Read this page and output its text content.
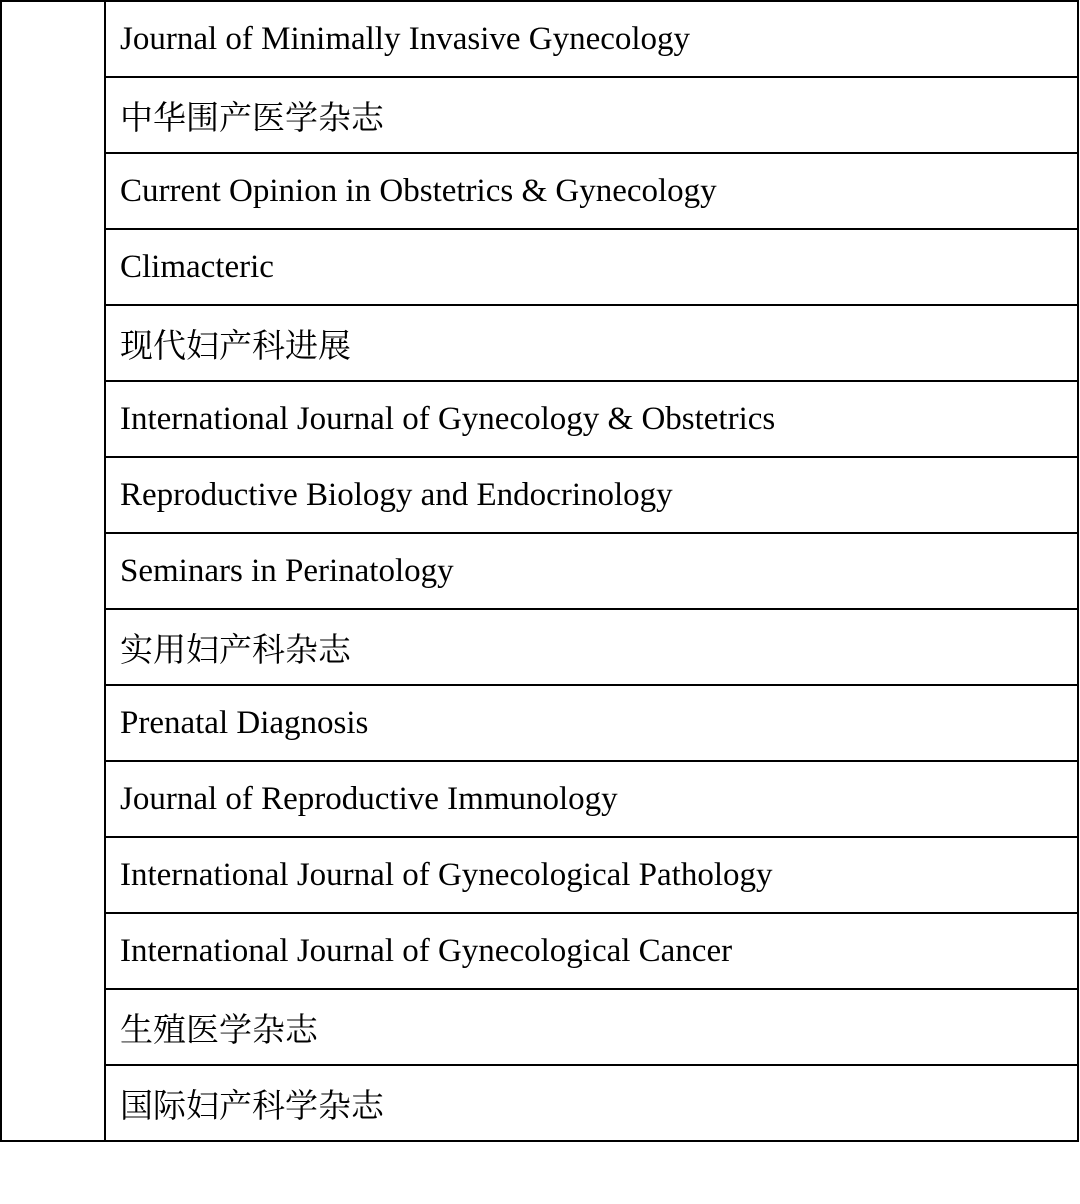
	Journal of Minimally Invasive Gynecology
中华围产医学杂志
Current Opinion in Obstetrics & Gynecology
Climacteric
现代妇产科进展
International Journal of Gynecology & Obstetrics
Reproductive Biology and Endocrinology
Seminars in Perinatology
实用妇产科杂志
Prenatal Diagnosis
Journal of Reproductive Immunology
International Journal of Gynecological Pathology
International Journal of Gynecological Cancer
生殖医学杂志
国际妇产科学杂志
